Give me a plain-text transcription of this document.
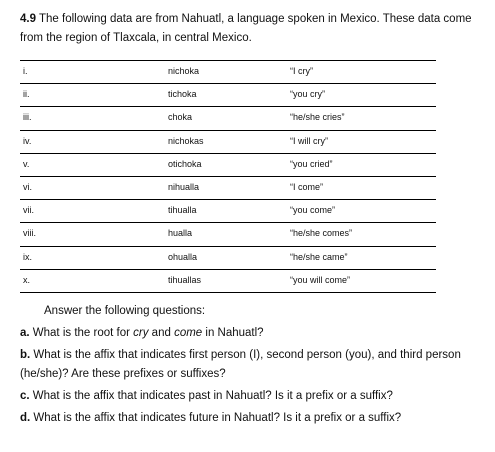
4.9 The following data are from Nahuatl, a language spoken in Mexico. These data come from the region of Tlaxcala, in central Mexico.
i.	nichoka	“I cry”
ii.	tichoka	“you cry”
iii.	choka	“he/she cries”
iv.	nichokas	“I will cry”
v.	otichoka	“you cried”
vi.	nihualla	“I come”
vii.	tihualla	“you come”
viii.	hualla	“he/she comes”
ix.	ohualla	“he/she came”
x.	tihuallas	“you will come”
Answer the following questions:
a. What is the root for cry and come in Nahuatl?
b. What is the affix that indicates first person (I), second person (you), and third person (he/she)? Are these prefixes or suffixes?
c. What is the affix that indicates past in Nahuatl? Is it a prefix or a suffix?
d. What is the affix that indicates future in Nahuatl? Is it a prefix or a suffix?
